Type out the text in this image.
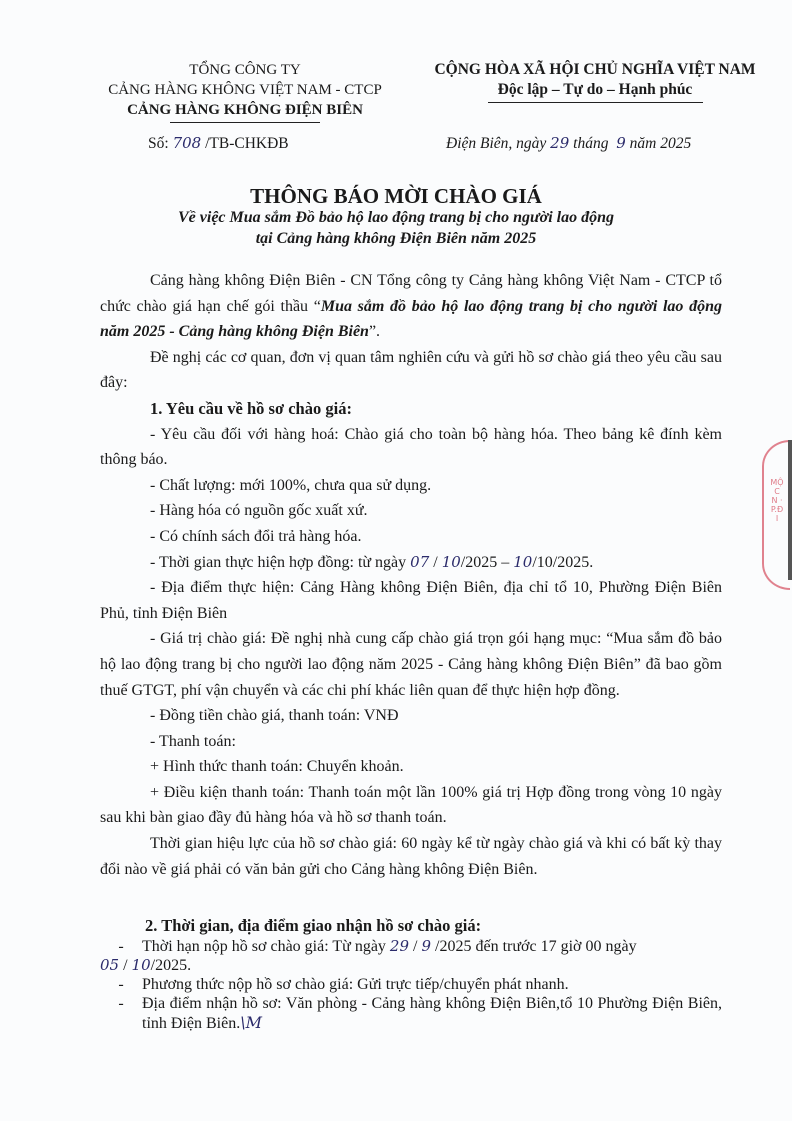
TỔNG CÔNG TY
CẢNG HÀNG KHÔNG VIỆT NAM - CTCP
CẢNG HÀNG KHÔNG ĐIỆN BIÊN
Số: 708 /TB-CHKĐB
CỘNG HÒA XÃ HỘI CHỦ NGHĨA VIỆT NAM
Độc lập – Tự do – Hạnh phúc
Điện Biên, ngày 29 tháng 9 năm 2025
THÔNG BÁO MỜI CHÀO GIÁ
Về việc Mua sắm Đồ bảo hộ lao động trang bị cho người lao động
tại Cảng hàng không Điện Biên năm 2025

Cảng hàng không Điện Biên - CN Tổng công ty Cảng hàng không Việt Nam - CTCP tổ chức chào giá hạn chế gói thầu “Mua sắm đồ bảo hộ lao động trang bị cho người lao động năm 2025 - Cảng hàng không Điện Biên”.

Đề nghị các cơ quan, đơn vị quan tâm nghiên cứu và gửi hồ sơ chào giá theo yêu cầu sau đây:

1. Yêu cầu về hồ sơ chào giá:

- Yêu cầu đối với hàng hoá: Chào giá cho toàn bộ hàng hóa. Theo bảng kê đính kèm thông báo.

- Chất lượng: mới 100%, chưa qua sử dụng.

- Hàng hóa có nguồn gốc xuất xứ.

- Có chính sách đổi trả hàng hóa.

- Thời gian thực hiện hợp đồng: từ ngày 07 / 10/2025 – 10/10/2025.

- Địa điểm thực hiện: Cảng Hàng không Điện Biên, địa chỉ tổ 10, Phường Điện Biên Phủ, tỉnh Điện Biên

- Giá trị chào giá: Đề nghị nhà cung cấp chào giá trọn gói hạng mục: “Mua sắm đồ bảo hộ lao động trang bị cho người lao động năm 2025 - Cảng hàng không Điện Biên” đã bao gồm thuế GTGT, phí vận chuyển và các chi phí khác liên quan để thực hiện hợp đồng.

- Đồng tiền chào giá, thanh toán: VNĐ

- Thanh toán:

+ Hình thức thanh toán: Chuyển khoản.

+ Điều kiện thanh toán: Thanh toán một lần 100% giá trị Hợp đồng trong vòng 10 ngày sau khi bàn giao đầy đủ hàng hóa và hồ sơ thanh toán.

Thời gian hiệu lực của hồ sơ chào giá: 60 ngày kể từ ngày chào giá và khi có bất kỳ thay đổi nào về giá phải có văn bản gửi cho Cảng hàng không Điện Biên.

2. Thời gian, địa điểm giao nhận hồ sơ chào giá:
-	Thời hạn nộp hồ sơ chào giá: Từ ngày 29 / 9 /2025 đến trước 17 giờ 00 ngày
05 / 10/2025.
-	Phương thức nộp hồ sơ chào giá: Gửi trực tiếp/chuyển phát nhanh.
-	Địa điểm nhận hồ sơ: Văn phòng - Cảng hàng không Điện Biên,tổ 10 Phường Điện Biên, tỉnh Điện Biên.\M
MỘC N · P.ĐI
